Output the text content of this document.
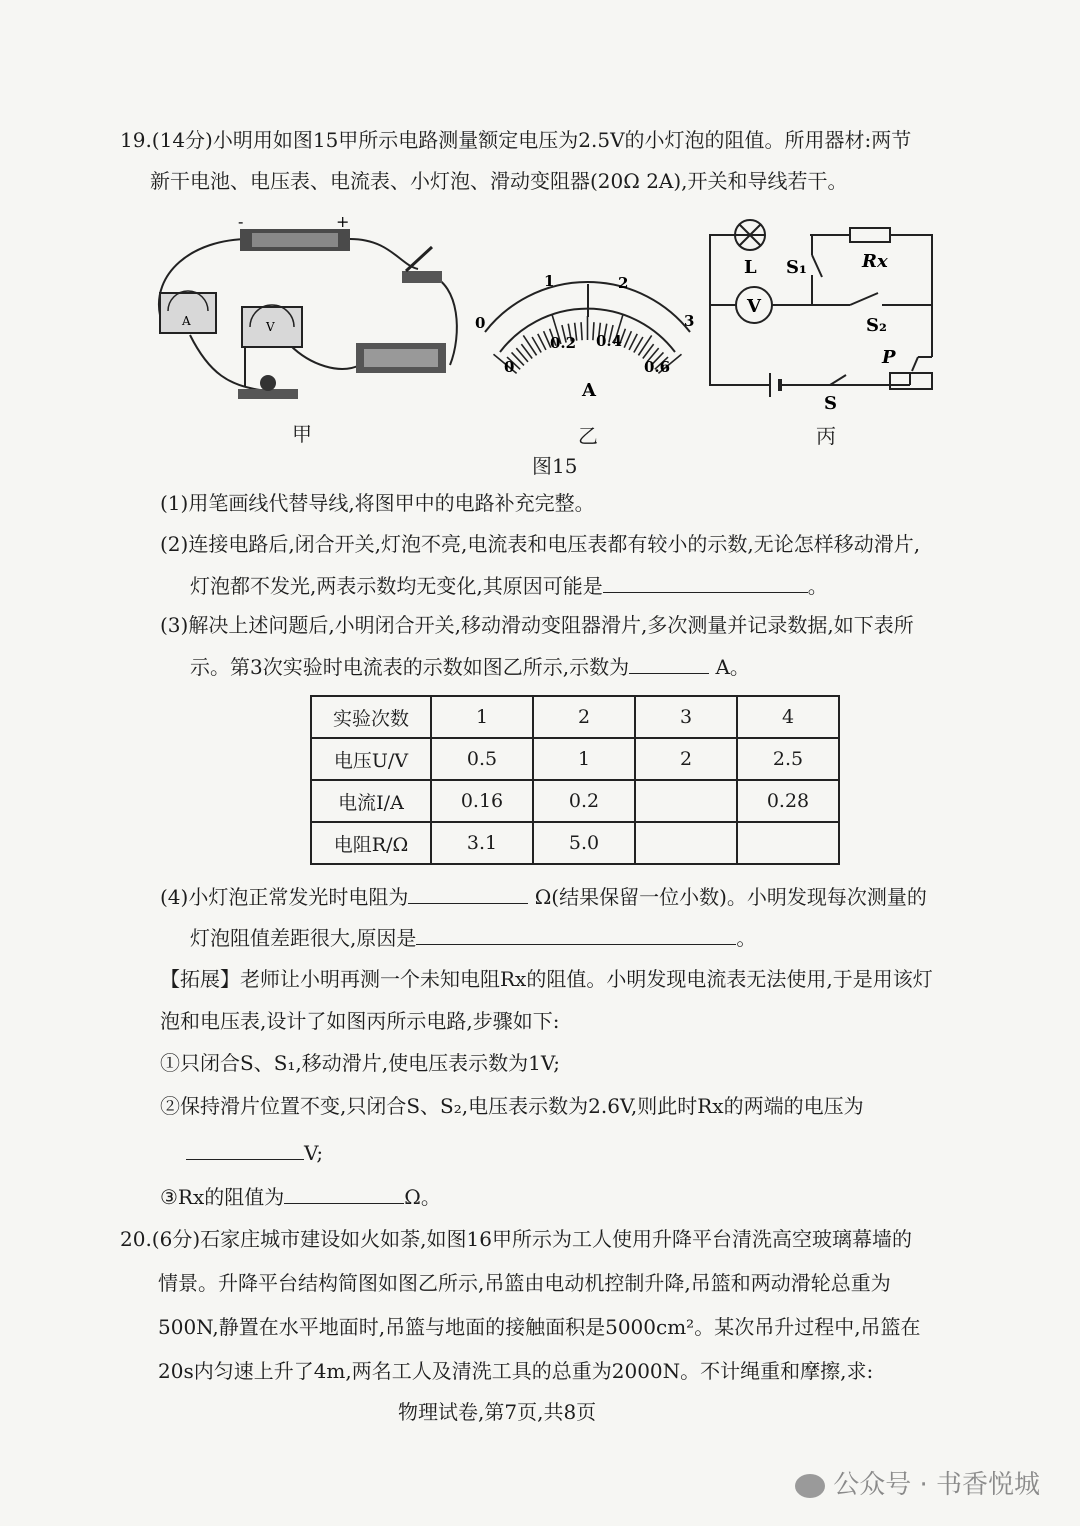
19.(14分)小明用如图15甲所示电路测量额定电压为2.5V的小灯泡的阻值。所用器材:两节
新干电池、电压表、电流表、小灯泡、滑动变阻器(20Ω 2A),开关和导线若干。
-	+
A	V
甲
0
1	2
3
0
0.2 0.4
0.6
A
乙
L S₁	Rx
V
S₂
P
S
丙
图15
(1)用笔画线代替导线,将图甲中的电路补充完整。
(2)连接电路后,闭合开关,灯泡不亮,电流表和电压表都有较小的示数,无论怎样移动滑片,
灯泡都不发光,两表示数均无变化,其原因可能是	。
(3)解决上述问题后,小明闭合开关,移动滑动变阻器滑片,多次测量并记录数据,如下表所
示。第3次实验时电流表的示数如图乙所示,示数为	A。
实验次数	1	2	3	4
电压U/V	0.5	1	2	2.5
电流I/A	0.16	0.2		0.28
电阻R/Ω	3.1	5.0		
(4)小灯泡正常发光时电阻为	Ω(结果保留一位小数)。小明发现每次测量的
灯泡阻值差距很大,原因是	。
【拓展】老师让小明再测一个未知电阻Rx的阻值。小明发现电流表无法使用,于是用该灯
泡和电压表,设计了如图丙所示电路,步骤如下:
①只闭合S、S₁,移动滑片,使电压表示数为1V;
②保持滑片位置不变,只闭合S、S₂,电压表示数为2.6V,则此时Rx的两端的电压为
V;
③Rx的阻值为	Ω。
20.(6分)石家庄城市建设如火如荼,如图16甲所示为工人使用升降平台清洗高空玻璃幕墙的
情景。升降平台结构简图如图乙所示,吊篮由电动机控制升降,吊篮和两动滑轮总重为
500N,静置在水平地面时,吊篮与地面的接触面积是5000cm²。某次吊升过程中,吊篮在
20s内匀速上升了4m,两名工人及清洗工具的总重为2000N。不计绳重和摩擦,求:
物理试卷,第7页,共8页
公众号 · 书香悦城
